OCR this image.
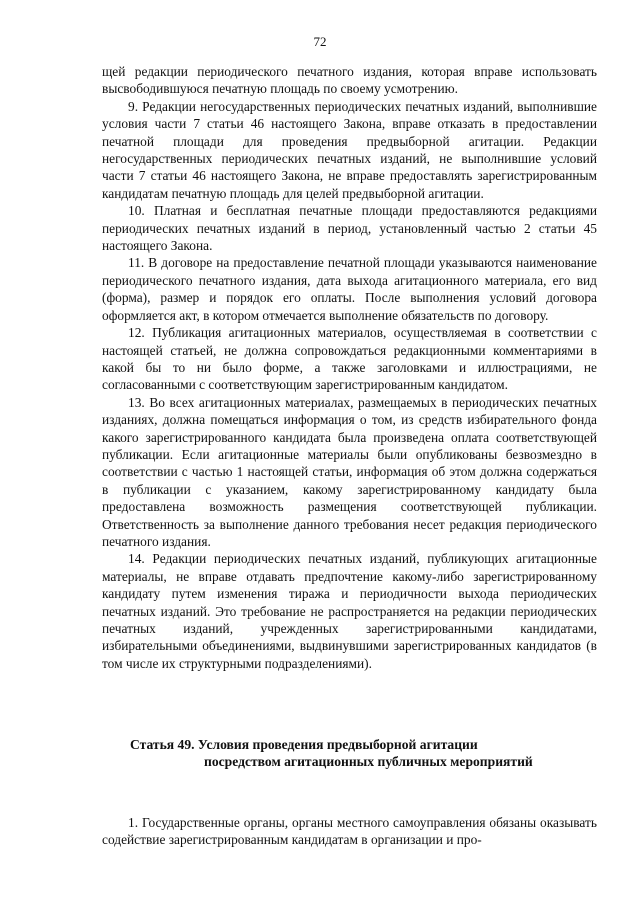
72

щей редакции периодического печатного издания, которая вправе использовать высвободившуюся печатную площадь по своему усмотрению.

9. Редакции негосударственных периодических печатных изданий, выполнившие условия части 7 статьи 46 настоящего Закона, вправе отказать в предоставлении печатной площади для проведения предвыборной агитации. Редакции негосударственных периодических печатных изданий, не выполнившие условий части 7 статьи 46 настоящего Закона, не вправе предоставлять зарегистрированным кандидатам печатную площадь для целей предвыборной агитации.

10. Платная и бесплатная печатные площади предоставляются редакциями периодических печатных изданий в период, установленный частью 2 статьи 45 настоящего Закона.

11. В договоре на предоставление печатной площади указываются наименование периодического печатного издания, дата выхода агитационного материала, его вид (форма), размер и порядок его оплаты. После выполнения условий договора оформляется акт, в котором отмечается выполнение обязательств по договору.

12. Публикация агитационных материалов, осуществляемая в соответствии с настоящей статьей, не должна сопровождаться редакционными комментариями в какой бы то ни было форме, а также заголовками и иллюстрациями, не согласованными с соответствующим зарегистрированным кандидатом.

13. Во всех агитационных материалах, размещаемых в периодических печатных изданиях, должна помещаться информация о том, из средств избирательного фонда какого зарегистрированного кандидата была произведена оплата соответствующей публикации. Если агитационные материалы были опубликованы безвозмездно в соответствии с частью 1 настоящей статьи, информация об этом должна содержаться в публикации с указанием, какому зарегистрированному кандидату была предоставлена возможность размещения соответствующей публикации. Ответственность за выполнение данного требования несет редакция периодического печатного издания.

14. Редакции периодических печатных изданий, публикующих агитационные материалы, не вправе отдавать предпочтение какому-либо зарегистрированному кандидату путем изменения тиража и периодичности выхода периодических печатных изданий. Это требование не распространяется на редакции периодических печатных изданий, учрежденных зарегистрированными кандидатами, избирательными объединениями, выдвинувшими зарегистрированных кандидатов (в том числе их структурными подразделениями).

Статья 49. Условия проведения предвыборной агитации
посредством агитационных публичных мероприятий

1. Государственные органы, органы местного самоуправления обязаны оказывать содействие зарегистрированным кандидатам в организации и про-
